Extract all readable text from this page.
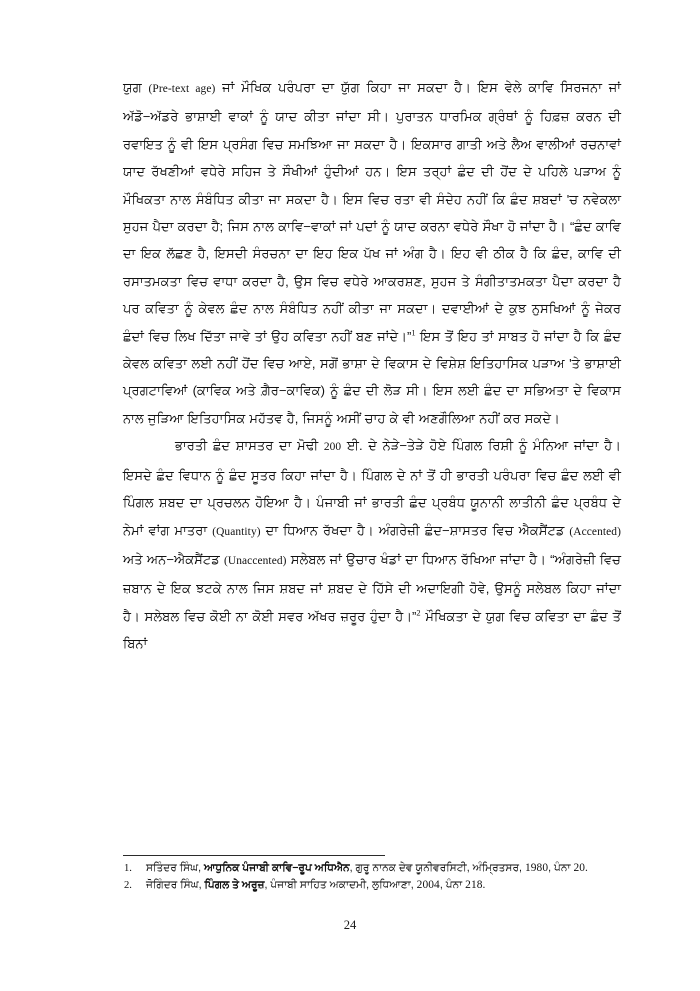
ਯੁਗ (Pre-text age) ਜਾਂ ਮੌਖਿਕ ਪਰੰਪਰਾ ਦਾ ਯੁੱਗ ਕਿਹਾ ਜਾ ਸਕਦਾ ਹੈ। ਇਸ ਵੇਲੇ ਕਾਵਿ ਸਿਰਜਨਾ ਜਾਂ ਅੱਡੋ−ਅੱਡਰੇ ਭਾਸ਼ਾਈ ਵਾਕਾਂ ਨੂੰ ਯਾਦ ਕੀਤਾ ਜਾਂਦਾ ਸੀ। ਪੁਰਾਤਨ ਧਾਰਮਿਕ ਗ੍ਰੰਥਾਂ ਨੂੰ ਹਿਫ਼ਜ਼ ਕਰਨ ਦੀ ਰਵਾਇਤ ਨੂੰ ਵੀ ਇਸ ਪ੍ਰਸੰਗ ਵਿਚ ਸਮਝਿਆ ਜਾ ਸਕਦਾ ਹੈ। ਇਕਸਾਰ ਗਾਤੀ ਅਤੇ ਲੈਅ ਵਾਲੀਆਂ ਰਚਨਾਵਾਂ ਯਾਦ ਰੱਖਣੀਆਂ ਵਧੇਰੇ ਸਹਿਜ ਤੇ ਸੌਖੀਆਂ ਹੁੰਦੀਆਂ ਹਨ। ਇਸ ਤਰ੍ਹਾਂ ਛੰਦ ਦੀ ਹੋਂਦ ਦੇ ਪਹਿਲੇ ਪੜਾਅ ਨੂੰ ਮੌਖਿਕਤਾ ਨਾਲ ਸੰਬੰਧਿਤ ਕੀਤਾ ਜਾ ਸਕਦਾ ਹੈ। ਇਸ ਵਿਚ ਰਤਾ ਵੀ ਸੰਦੇਹ ਨਹੀਂ ਕਿ ਛੰਦ ਸ਼ਬਦਾਂ 'ਚ ਨਵੇਕਲਾ ਸੁਹਜ ਪੈਦਾ ਕਰਦਾ ਹੈ; ਜਿਸ ਨਾਲ ਕਾਵਿ−ਵਾਕਾਂ ਜਾਂ ਪਦਾਂ ਨੂੰ ਯਾਦ ਕਰਨਾ ਵਧੇਰੇ ਸੌਖਾ ਹੋ ਜਾਂਦਾ ਹੈ। “ਛੰਦ ਕਾਵਿ ਦਾ ਇਕ ਲੱਛਣ ਹੈ, ਇਸਦੀ ਸੰਰਚਨਾ ਦਾ ਇਹ ਇਕ ਪੱਖ ਜਾਂ ਅੰਗ ਹੈ। ਇਹ ਵੀ ਠੀਕ ਹੈ ਕਿ ਛੰਦ, ਕਾਵਿ ਦੀ ਰਸਾਤਮਕਤਾ ਵਿਚ ਵਾਧਾ ਕਰਦਾ ਹੈ, ਉਸ ਵਿਚ ਵਧੇਰੇ ਆਕਰਸ਼ਣ, ਸੁਹਜ ਤੇ ਸੰਗੀਤਾਤਮਕਤਾ ਪੈਦਾ ਕਰਦਾ ਹੈ ਪਰ ਕਵਿਤਾ ਨੂੰ ਕੇਵਲ ਛੰਦ ਨਾਲ ਸੰਬੰਧਿਤ ਨਹੀਂ ਕੀਤਾ ਜਾ ਸਕਦਾ। ਦਵਾਈਆਂ ਦੇ ਕੁਝ ਨੁਸਖਿਆਂ ਨੂੰ ਜੇਕਰ ਛੰਦਾਂ ਵਿਚ ਲਿਖ ਦਿੱਤਾ ਜਾਵੇ ਤਾਂ ਉਹ ਕਵਿਤਾ ਨਹੀਂ ਬਣ ਜਾਂਦੇ।”$^1$ ਇਸ ਤੋਂ ਇਹ ਤਾਂ ਸਾਬਤ ਹੋ ਜਾਂਦਾ ਹੈ ਕਿ ਛੰਦ ਕੇਵਲ ਕਵਿਤਾ ਲਈ ਨਹੀਂ ਹੋਂਦ ਵਿਚ ਆਏ, ਸਗੋਂ ਭਾਸ਼ਾ ਦੇ ਵਿਕਾਸ ਦੇ ਵਿਸ਼ੇਸ਼ ਇਤਿਹਾਸਿਕ ਪੜਾਅ 'ਤੇ ਭਾਸ਼ਾਈ ਪ੍ਰਗਟਾਵਿਆਂ (ਕਾਵਿਕ ਅਤੇ ਗ਼ੈਰ−ਕਾਵਿਕ) ਨੂੰ ਛੰਦ ਦੀ ਲੋੜ ਸੀ। ਇਸ ਲਈ ਛੰਦ ਦਾ ਸਭਿਅਤਾ ਦੇ ਵਿਕਾਸ ਨਾਲ ਜੁੜਿਆ ਇਤਿਹਾਸਿਕ ਮਹੱਤਵ ਹੈ, ਜਿਸਨੂੰ ਅਸੀਂ ਚਾਹ ਕੇ ਵੀ ਅਣਗੌਲਿਆ ਨਹੀਂ ਕਰ ਸਕਦੇ।

ਭਾਰਤੀ ਛੰਦ ਸ਼ਾਸਤਰ ਦਾ ਮੋਢੀ 200 ਈ. ਦੇ ਨੇੜੇ−ਤੇੜੇ ਹੋਏ ਪਿੰਗਲ ਰਿਸ਼ੀ ਨੂੰ ਮੰਨਿਆ ਜਾਂਦਾ ਹੈ। ਇਸਦੇ ਛੰਦ ਵਿਧਾਨ ਨੂੰ ਛੰਦ ਸੂਤਰ ਕਿਹਾ ਜਾਂਦਾ ਹੈ। ਪਿੰਗਲ ਦੇ ਨਾਂ ਤੋਂ ਹੀ ਭਾਰਤੀ ਪਰੰਪਰਾ ਵਿਚ ਛੰਦ ਲਈ ਵੀ ਪਿੰਗਲ ਸ਼ਬਦ ਦਾ ਪ੍ਰਚਲਨ ਹੋਇਆ ਹੈ। ਪੰਜਾਬੀ ਜਾਂ ਭਾਰਤੀ ਛੰਦ ਪ੍ਰਬੰਧ ਯੂਨਾਨੀ ਲਾਤੀਨੀ ਛੰਦ ਪ੍ਰਬੰਧ ਦੇ ਨੇਮਾਂ ਵਾਂਗ ਮਾਤਰਾ (Quantity) ਦਾ ਧਿਆਨ ਰੱਖਦਾ ਹੈ। ਅੰਗਰੇਜ਼ੀ ਛੰਦ−ਸ਼ਾਸਤਰ ਵਿਚ ਐਕਸੈਂਟਡ (Accented) ਅਤੇ ਅਨ−ਐਕਸੈਂਟਡ (Unaccented) ਸਲੇਬਲ ਜਾਂ ਉਚਾਰ ਖੰਡਾਂ ਦਾ ਧਿਆਨ ਰੱਖਿਆ ਜਾਂਦਾ ਹੈ। “ਅੰਗਰੇਜ਼ੀ ਵਿਚ ਜ਼ਬਾਨ ਦੇ ਇਕ ਝਟਕੇ ਨਾਲ ਜਿਸ ਸ਼ਬਦ ਜਾਂ ਸ਼ਬਦ ਦੇ ਹਿੱਸੇ ਦੀ ਅਦਾਇਗੀ ਹੋਵੇ, ਉਸਨੂੰ ਸਲੇਬਲ ਕਿਹਾ ਜਾਂਦਾ ਹੈ। ਸਲੇਬਲ ਵਿਚ ਕੋਈ ਨਾ ਕੋਈ ਸਵਰ ਅੱਖਰ ਜ਼ਰੂਰ ਹੁੰਦਾ ਹੈ।”$^2$ ਮੌਖਿਕਤਾ ਦੇ ਯੁਗ ਵਿਚ ਕਵਿਤਾ ਦਾ ਛੰਦ ਤੋਂ ਬਿਨਾਂ

1.	ਸਤਿੰਦਰ ਸਿੰਘ, ਆਧੁਨਿਕ ਪੰਜਾਬੀ ਕਾਵਿ−ਰੂਪ ਅਧਿਐਨ, ਗੁਰੂ ਨਾਨਕ ਦੇਵ ਯੂਨੀਵਰਸਿਟੀ, ਅੰਮ੍ਰਿਤਸਰ, 1980, ਪੰਨਾ 20.
2.	ਜੋਗਿੰਦਰ ਸਿੰਘ, ਪਿੰਗਲ ਤੇ ਅਰੂਜ਼, ਪੰਜਾਬੀ ਸਾਹਿਤ ਅਕਾਦਮੀ, ਲੁਧਿਆਣਾ, 2004, ਪੰਨਾ 218.
24
